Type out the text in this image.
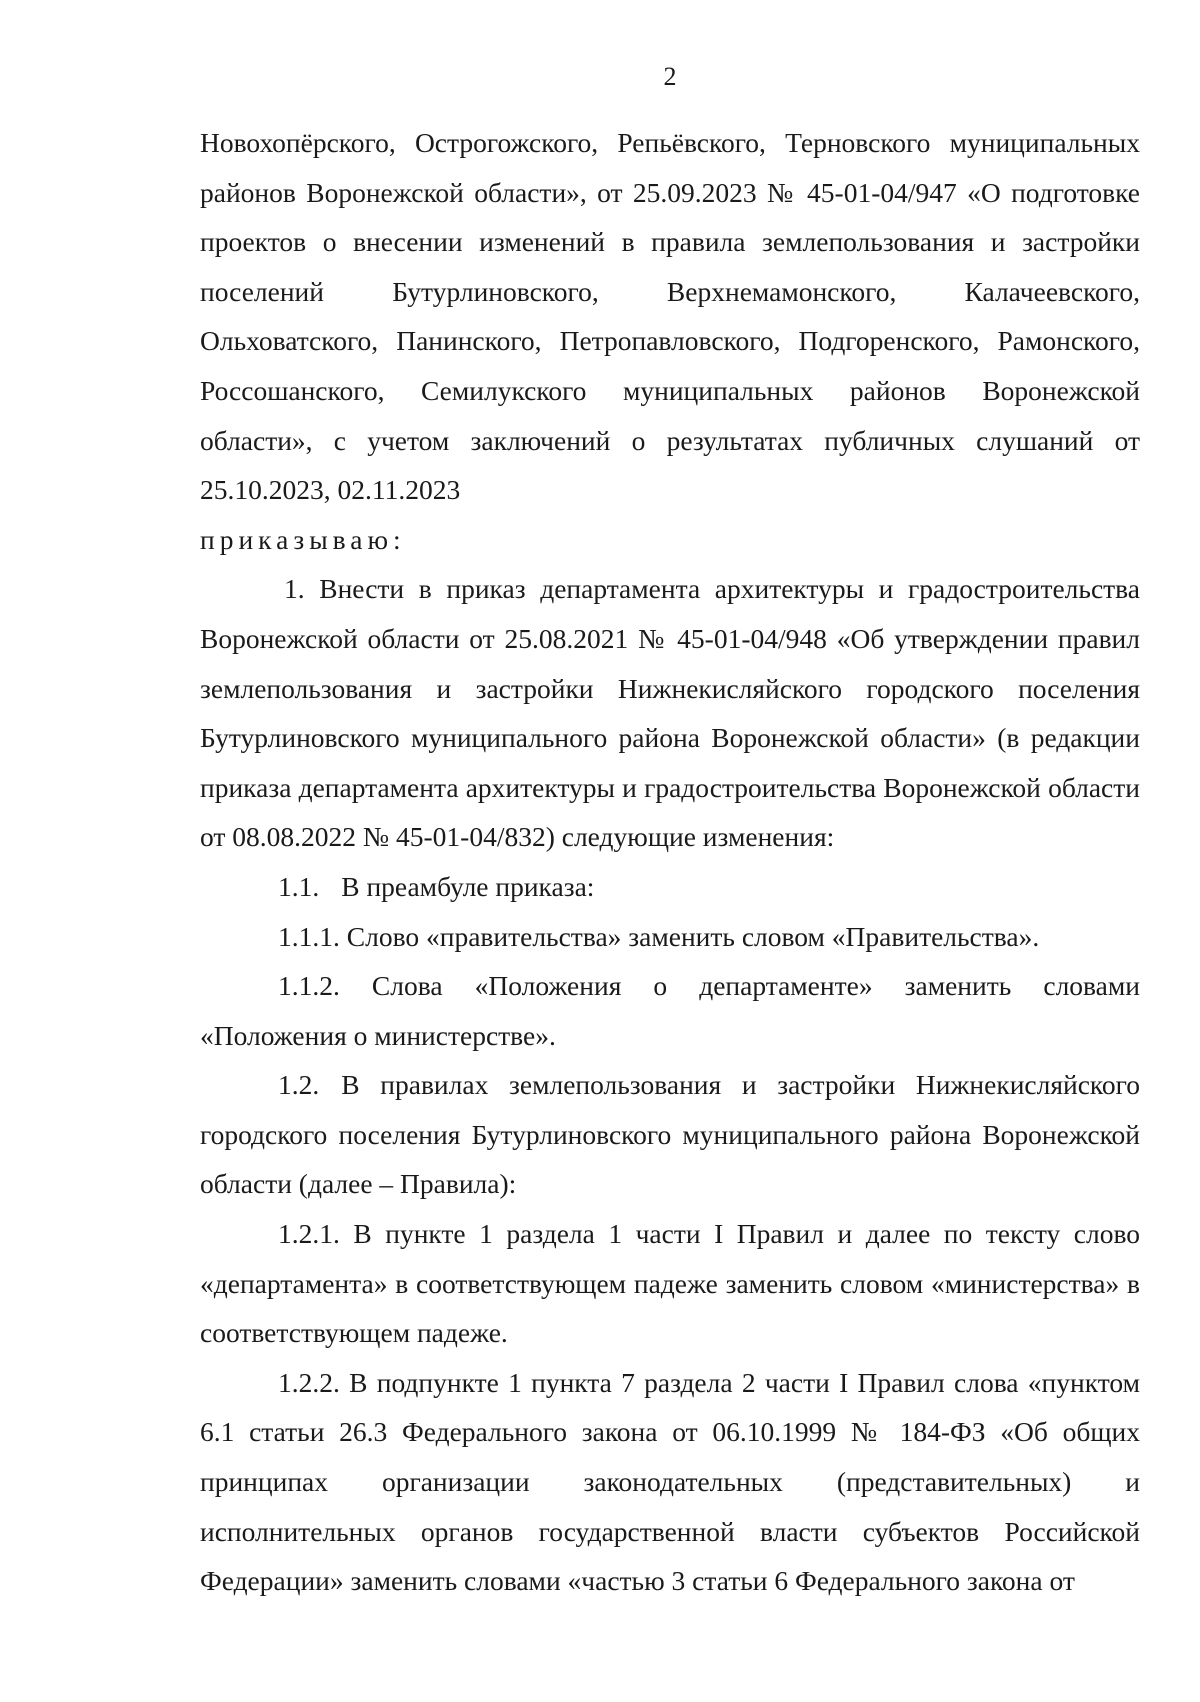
2

Новохопёрского, Острогожского, Репьёвского, Терновского муниципальных районов Воронежской области», от 25.09.2023 № 45-01-04/947 «О подготовке проектов о внесении изменений в правила землепользования и застройки поселений Бутурлиновского, Верхнемамонского, Калачеевского, Ольховатского, Панинского, Петропавловского, Подгоренского, Рамонского, Россошанского, Семилукского муниципальных районов Воронежской области», с учетом заключений о результатах публичных слушаний от 25.10.2023, 02.11.2023

приказываю:

1. Внести в приказ департамента архитектуры и градостроительства Воронежской области от 25.08.2021 № 45-01-04/948 «Об утверждении правил землепользования и застройки Нижнекисляйского городского поселения Бутурлиновского муниципального района Воронежской области» (в редакции приказа департамента архитектуры и градостроительства Воронежской области от 08.08.2022 № 45-01-04/832) следующие изменения:

1.1. В преамбуле приказа:

1.1.1. Слово «правительства» заменить словом «Правительства».

1.1.2. Слова «Положения о департаменте» заменить словами «Положения о министерстве».

1.2. В правилах землепользования и застройки Нижнекисляйского городского поселения Бутурлиновского муниципального района Воронежской области (далее – Правила):

1.2.1. В пункте 1 раздела 1 части I Правил и далее по тексту слово «департамента» в соответствующем падеже заменить словом «министерства» в соответствующем падеже.

1.2.2. В подпункте 1 пункта 7 раздела 2 части I Правил слова «пунктом 6.1 статьи 26.3 Федерального закона от 06.10.1999 № 184-ФЗ «Об общих принципах организации законодательных (представительных) и исполнительных органов государственной власти субъектов Российской Федерации» заменить словами «частью 3 статьи 6 Федерального закона от
